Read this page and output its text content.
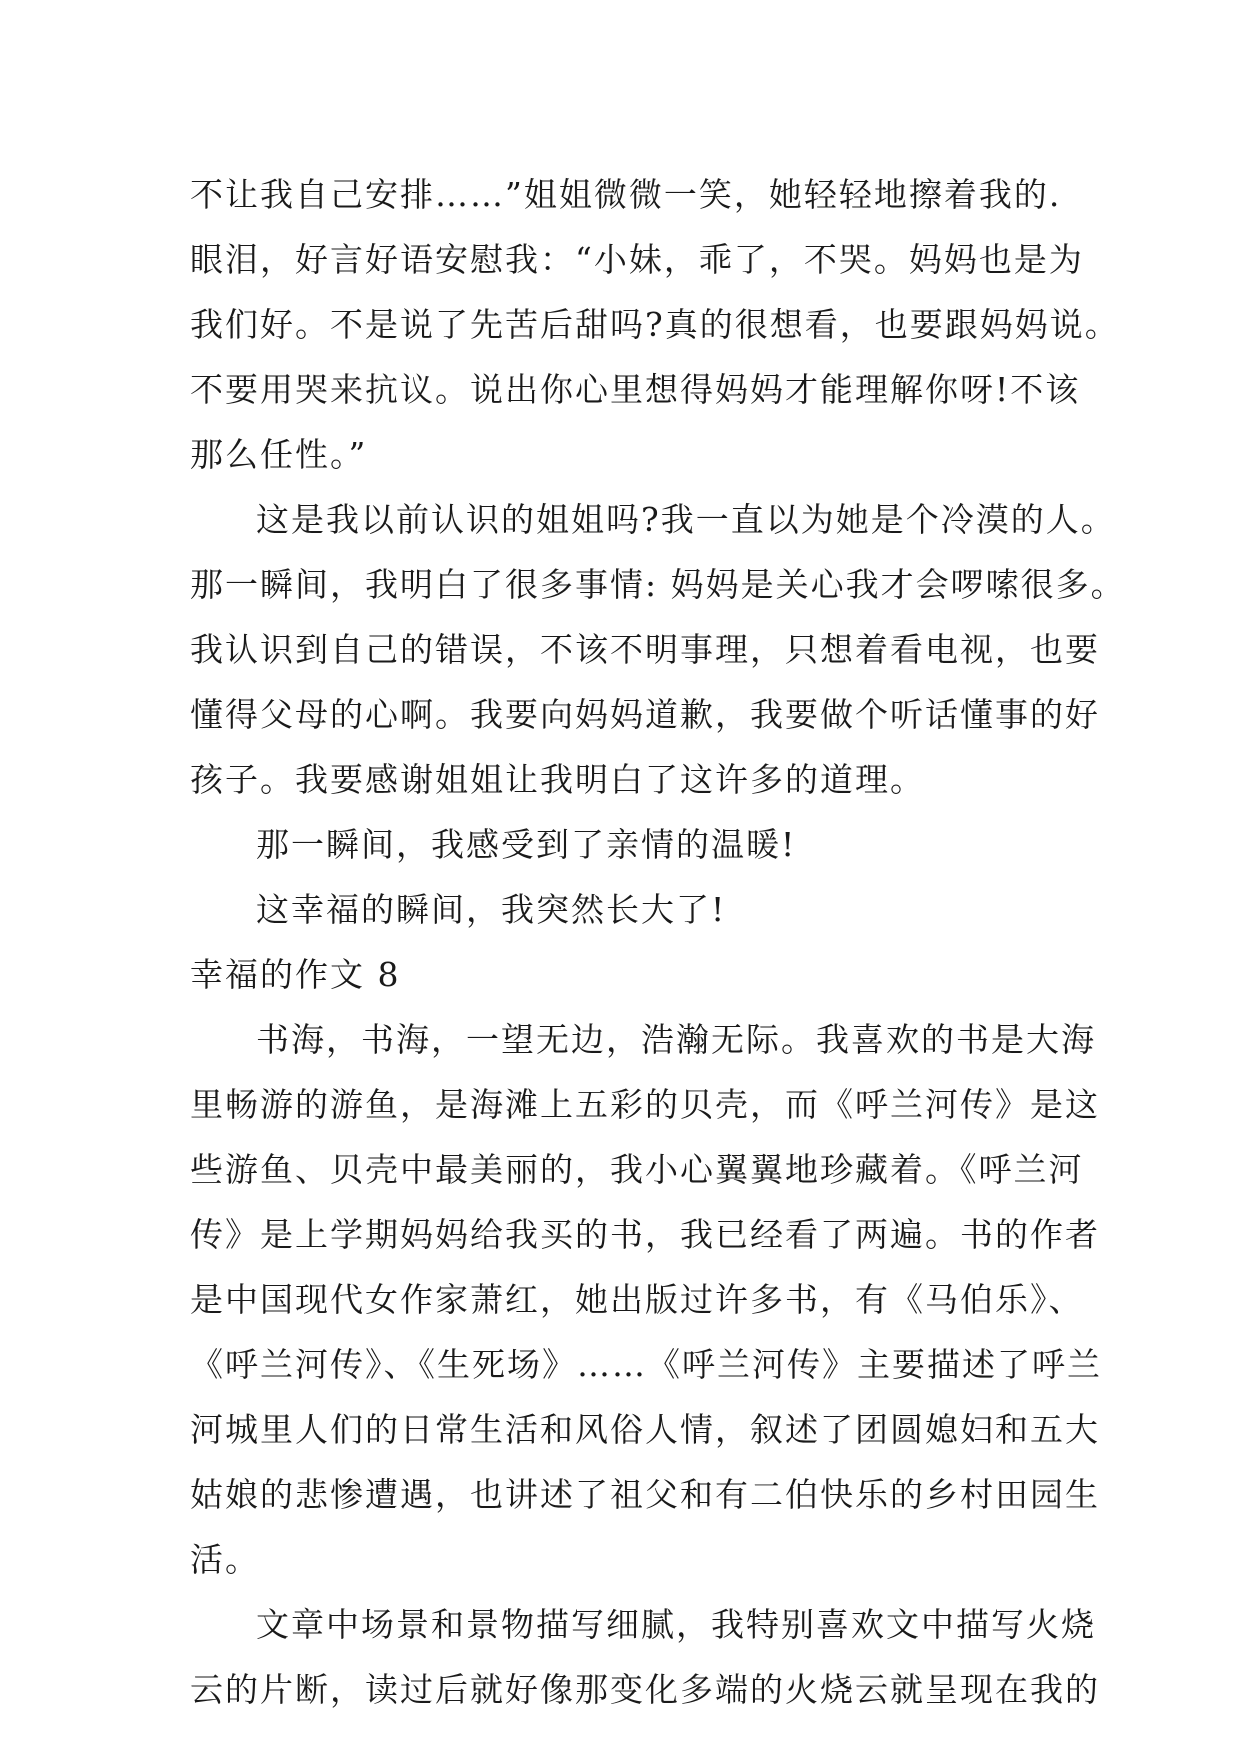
不让我自己安排……”姐姐微微一笑，她轻轻地擦着我的.
眼泪，好言好语安慰我：“小妹，乖了，不哭。妈妈也是为
我们好。不是说了先苦后甜吗?真的很想看，也要跟妈妈说。
不要用哭来抗议。说出你心里想得妈妈才能理解你呀!不该
那么任性。”
这是我以前认识的姐姐吗?我一直以为她是个冷漠的人。
那一瞬间，我明白了很多事情: 妈妈是关心我才会啰嗦很多。
我认识到自己的错误，不该不明事理，只想着看电视，也要
懂得父母的心啊。我要向妈妈道歉，我要做个听话懂事的好
孩子。我要感谢姐姐让我明白了这许多的道理。
那一瞬间，我感受到了亲情的温暖!
这幸福的瞬间，我突然长大了!
幸福的作文 8
书海，书海，一望无边，浩瀚无际。我喜欢的书是大海
里畅游的游鱼，是海滩上五彩的贝壳，而《呼兰河传》是这
些游鱼、贝壳中最美丽的，我小心翼翼地珍藏着。《呼兰河
传》是上学期妈妈给我买的书，我已经看了两遍。书的作者
是中国现代女作家萧红，她出版过许多书，有《马伯乐》、
《呼兰河传》、《生死场》……《呼兰河传》主要描述了呼兰
河城里人们的日常生活和风俗人情，叙述了团圆媳妇和五大
姑娘的悲惨遭遇，也讲述了祖父和有二伯快乐的乡村田园生
活。
文章中场景和景物描写细腻，我特别喜欢文中描写火烧
云的片断，读过后就好像那变化多端的火烧云就呈现在我的
